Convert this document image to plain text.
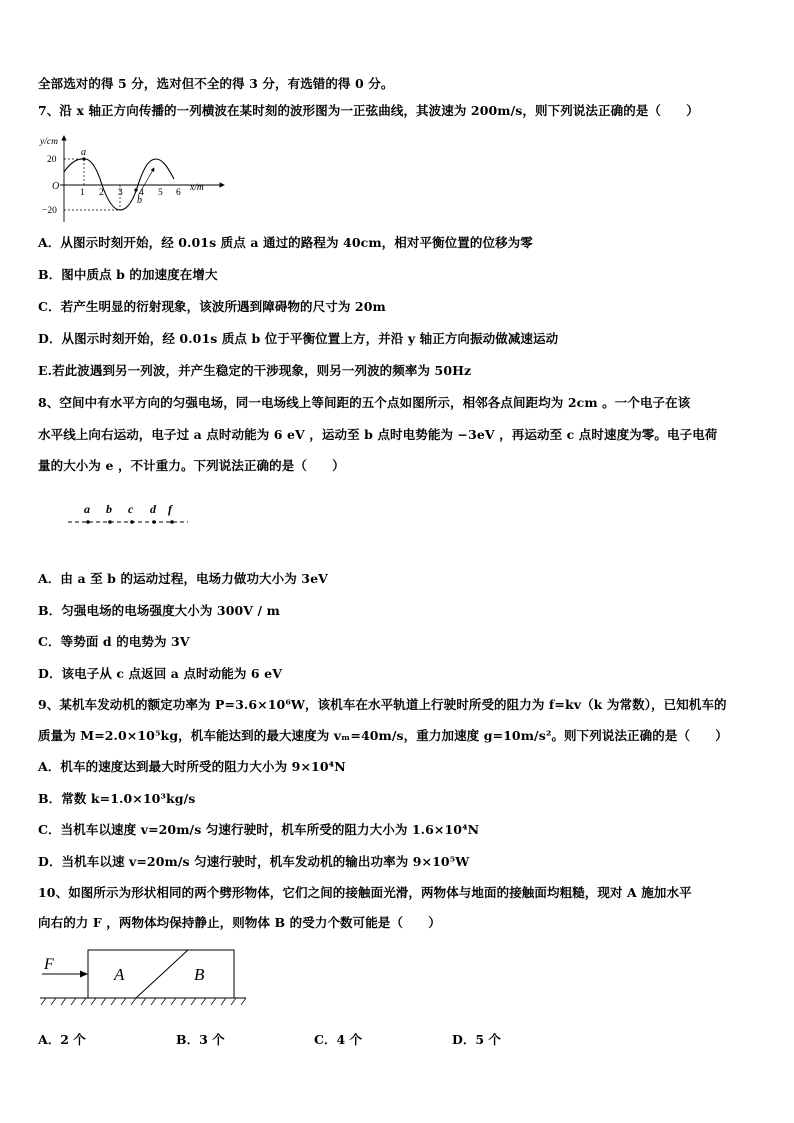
全部选对的得 5 分，选对但不全的得 3 分，有选错的得 0 分。
7、沿 x 轴正方向传播的一列横波在某时刻的波形图为一正弦曲线，其波速为 200m/s，则下列说法正确的是（　　）
a
b
y/cm
x/m
O
20
−20
1 2 3 4 5 6
A．从图示时刻开始，经 0.01s 质点 a 通过的路程为 40cm，相对平衡位置的位移为零
B．图中质点 b 的加速度在增大
C．若产生明显的衍射现象，该波所遇到障碍物的尺寸为 20m
D．从图示时刻开始，经 0.01s 质点 b 位于平衡位置上方，并沿 y 轴正方向振动做减速运动
E.若此波遇到另一列波，并产生稳定的干涉现象，则另一列波的频率为 50Hz
8、空间中有水平方向的匀强电场，同一电场线上等间距的五个点如图所示，相邻各点间距均为 2cm 。一个电子在该
水平线上向右运动，电子过 a 点时动能为 6 eV ，运动至 b 点时电势能为 −3eV ，再运动至 c 点时速度为零。电子电荷
量的大小为 e ，不计重力。下列说法正确的是（　　）
a b c d f
A．由 a 至 b 的运动过程，电场力做功大小为 3eV
B．匀强电场的电场强度大小为 300V / m
C．等势面 d 的电势为 3V
D．该电子从 c 点返回 a 点时动能为 6 eV
9、某机车发动机的额定功率为 P=3.6×10⁶W，该机车在水平轨道上行驶时所受的阻力为 f=kv（k 为常数），已知机车的
质量为 M=2.0×10⁵kg，机车能达到的最大速度为 vₘ=40m/s，重力加速度 g=10m/s²。则下列说法正确的是（　　）
A．机车的速度达到最大时所受的阻力大小为 9×10⁴N
B．常数 k=1.0×10³kg/s
C．当机车以速度 v=20m/s 匀速行驶时，机车所受的阻力大小为 1.6×10⁴N
D．当机车以速 v=20m/s 匀速行驶时，机车发动机的输出功率为 9×10⁵W
10、如图所示为形状相同的两个劈形物体，它们之间的接触面光滑，两物体与地面的接触面均粗糙，现对 A 施加水平
向右的力 F ，两物体均保持静止，则物体 B 的受力个数可能是（　　）
F
A	B
A．2 个	B．3 个	C．4 个	D．5 个
